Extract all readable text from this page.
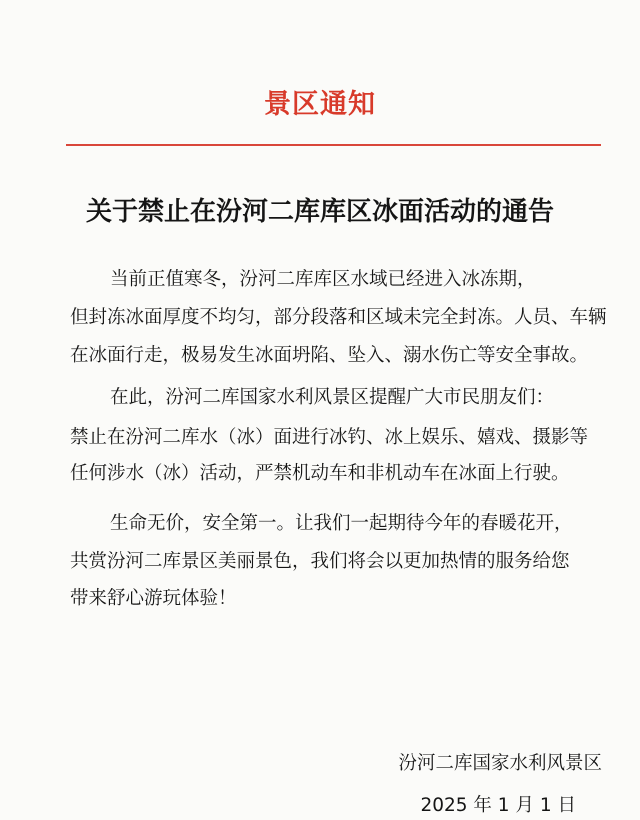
景区通知
关于禁止在汾河二库库区冰面活动的通告
当前正值寒冬，汾河二库库区水域已经进入冰冻期，
但封冻冰面厚度不均匀，部分段落和区域未完全封冻。人员、车辆
在冰面行走，极易发生冰面坍陷、坠入、溺水伤亡等安全事故。
在此，汾河二库国家水利风景区提醒广大市民朋友们：
禁止在汾河二库水（冰）面进行冰钓、冰上娱乐、嬉戏、摄影等
任何涉水（冰）活动，严禁机动车和非机动车在冰面上行驶。
生命无价，安全第一。让我们一起期待今年的春暖花开，
共赏汾河二库景区美丽景色，我们将会以更加热情的服务给您
带来舒心游玩体验！
汾河二库国家水利风景区
2025 年 1 月 1 日
